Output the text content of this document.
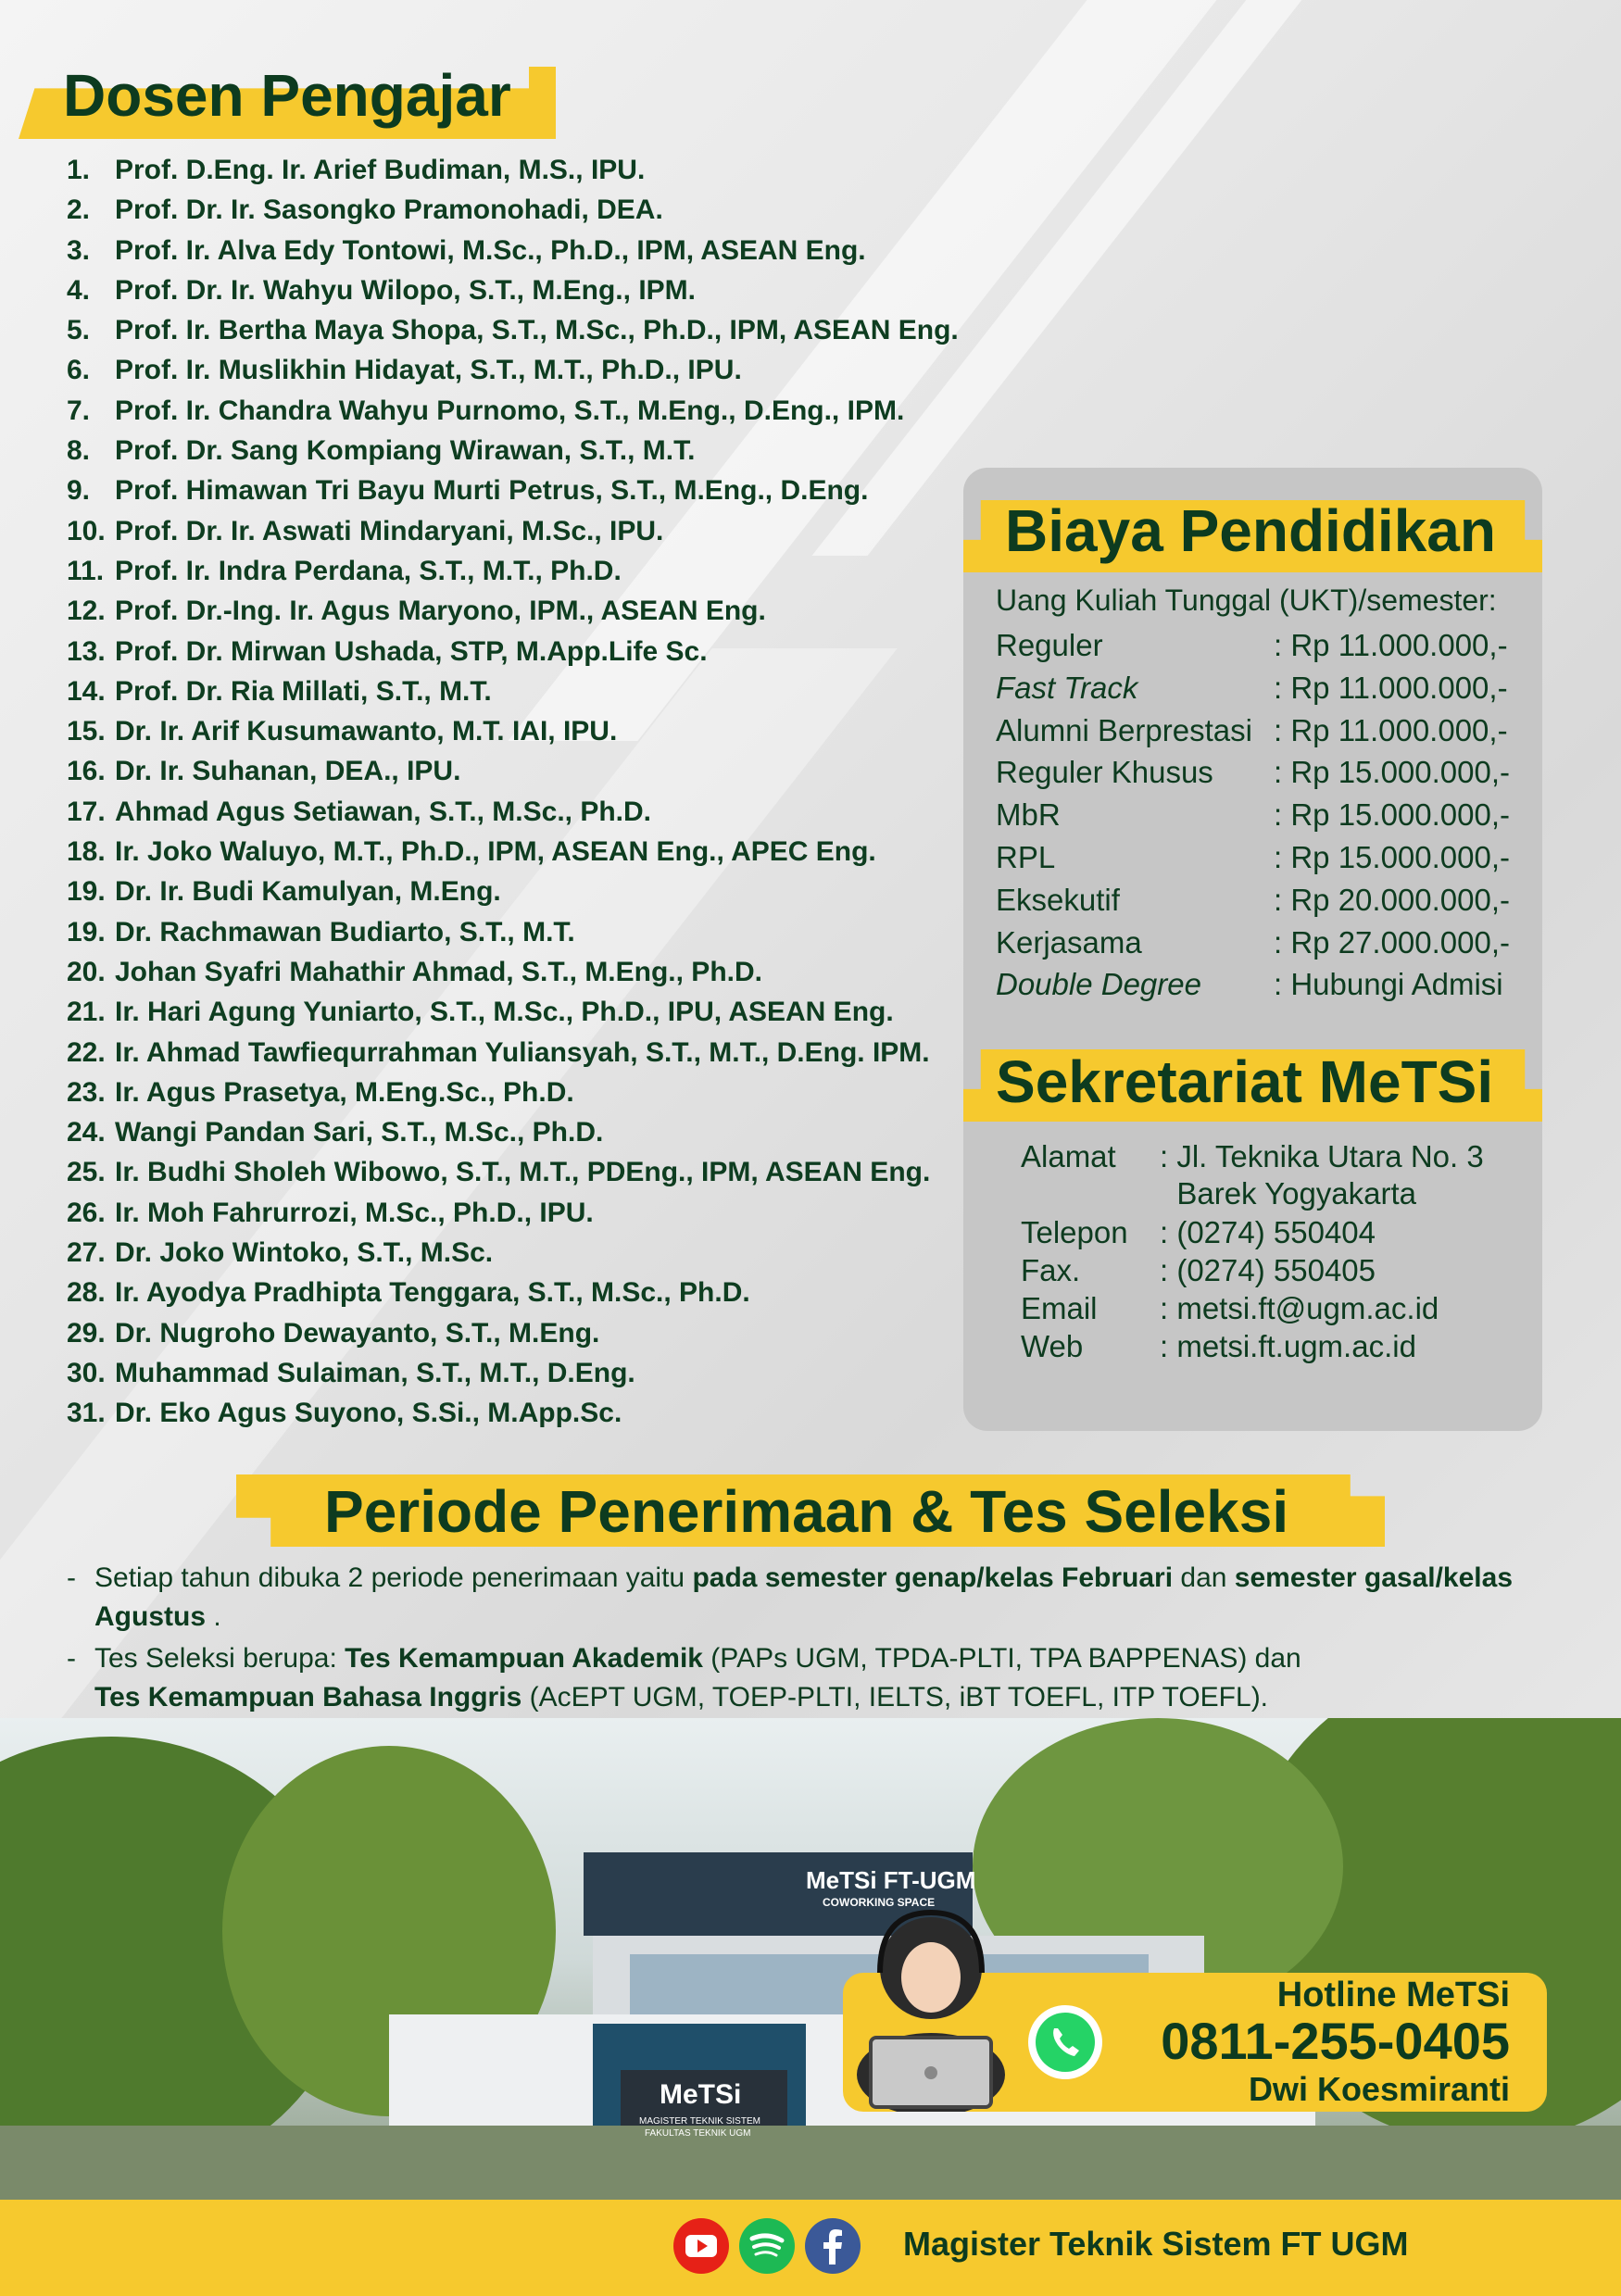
Dosen Pengajar
1. Prof. D.Eng. Ir. Arief Budiman, M.S., IPU.
2. Prof. Dr. Ir. Sasongko Pramonohadi, DEA.
3. Prof. Ir. Alva Edy Tontowi, M.Sc., Ph.D., IPM, ASEAN Eng.
4. Prof. Dr. Ir. Wahyu Wilopo, S.T., M.Eng., IPM.
5. Prof. Ir. Bertha Maya Shopa, S.T., M.Sc., Ph.D., IPM, ASEAN Eng.
6. Prof. Ir. Muslikhin Hidayat, S.T., M.T., Ph.D., IPU.
7. Prof. Ir. Chandra Wahyu Purnomo, S.T., M.Eng., D.Eng., IPM.
8. Prof. Dr. Sang Kompiang Wirawan, S.T., M.T.
9. Prof. Himawan Tri Bayu Murti Petrus, S.T., M.Eng., D.Eng.
10. Prof. Dr. Ir. Aswati Mindaryani, M.Sc., IPU.
11. Prof. Ir. Indra Perdana, S.T., M.T., Ph.D.
12. Prof. Dr.-Ing. Ir. Agus Maryono, IPM., ASEAN Eng.
13. Prof. Dr. Mirwan Ushada, STP, M.App.Life Sc.
14. Prof. Dr. Ria Millati, S.T., M.T.
15. Dr. Ir. Arif Kusumawanto, M.T. IAI, IPU.
16. Dr. Ir. Suhanan, DEA., IPU.
17. Ahmad Agus Setiawan, S.T., M.Sc., Ph.D.
18. Ir. Joko Waluyo, M.T., Ph.D., IPM, ASEAN Eng., APEC Eng.
19. Dr. Ir. Budi Kamulyan, M.Eng.
19. Dr. Rachmawan Budiarto, S.T., M.T.
20. Johan Syafri Mahathir Ahmad, S.T., M.Eng., Ph.D.
21. Ir. Hari Agung Yuniarto, S.T., M.Sc., Ph.D., IPU, ASEAN Eng.
22. Ir. Ahmad Tawfiequrrahman Yuliansyah, S.T., M.T., D.Eng. IPM.
23. Ir. Agus Prasetya, M.Eng.Sc., Ph.D.
24. Wangi Pandan Sari, S.T., M.Sc., Ph.D.
25. Ir. Budhi Sholeh Wibowo, S.T., M.T., PDEng., IPM, ASEAN Eng.
26. Ir. Moh Fahrurrozi, M.Sc., Ph.D., IPU.
27. Dr. Joko Wintoko, S.T., M.Sc.
28. Ir. Ayodya Pradhipta Tenggara, S.T., M.Sc., Ph.D.
29. Dr. Nugroho Dewayanto, S.T., M.Eng.
30. Muhammad Sulaiman, S.T., M.T., D.Eng.
31. Dr. Eko Agus Suyono, S.Si., M.App.Sc.
Biaya Pendidikan
Uang Kuliah Tunggal (UKT)/semester:
Reguler	: Rp 11.000.000,-
Fast Track	: Rp 11.000.000,-
Alumni Berprestasi : Rp 11.000.000,-
Reguler Khusus : Rp 15.000.000,-
MbR	: Rp 15.000.000,-
RPL	: Rp 15.000.000,-
Eksekutif	: Rp 20.000.000,-
Kerjasama	: Rp 27.000.000,-
Double Degree : Hubungi Admisi
Sekretariat MeTSi
Alamat : Jl. Teknika Utara No. 3
Barek Yogyakarta
Telepon : (0274) 550404
Fax.	: (0274) 550405
Email : metsi.ft@ugm.ac.id
Web	: metsi.ft.ugm.ac.id
Periode Penerimaan & Tes Seleksi
- Setiap tahun dibuka 2 periode penerimaan yaitu pada semester genap/kelas Februari dan semester gasal/kelas Agustus .
- Tes Seleksi berupa: Tes Kemampuan Akademik (PAPs UGM, TPDA-PLTI, TPA BAPPENAS) dan
Tes Kemampuan Bahasa Inggris (AcEPT UGM, TOEP-PLTI, IELTS, iBT TOEFL, ITP TOEFL).
MeTSi FT-UGM
COWORKING SPACE
MeTSi
MAGISTER TEKNIK SISTEM
FAKULTAS TEKNIK UGM
Hotline MeTSi
0811-255-0405
Dwi Koesmiranti
Magister Teknik Sistem FT UGM
